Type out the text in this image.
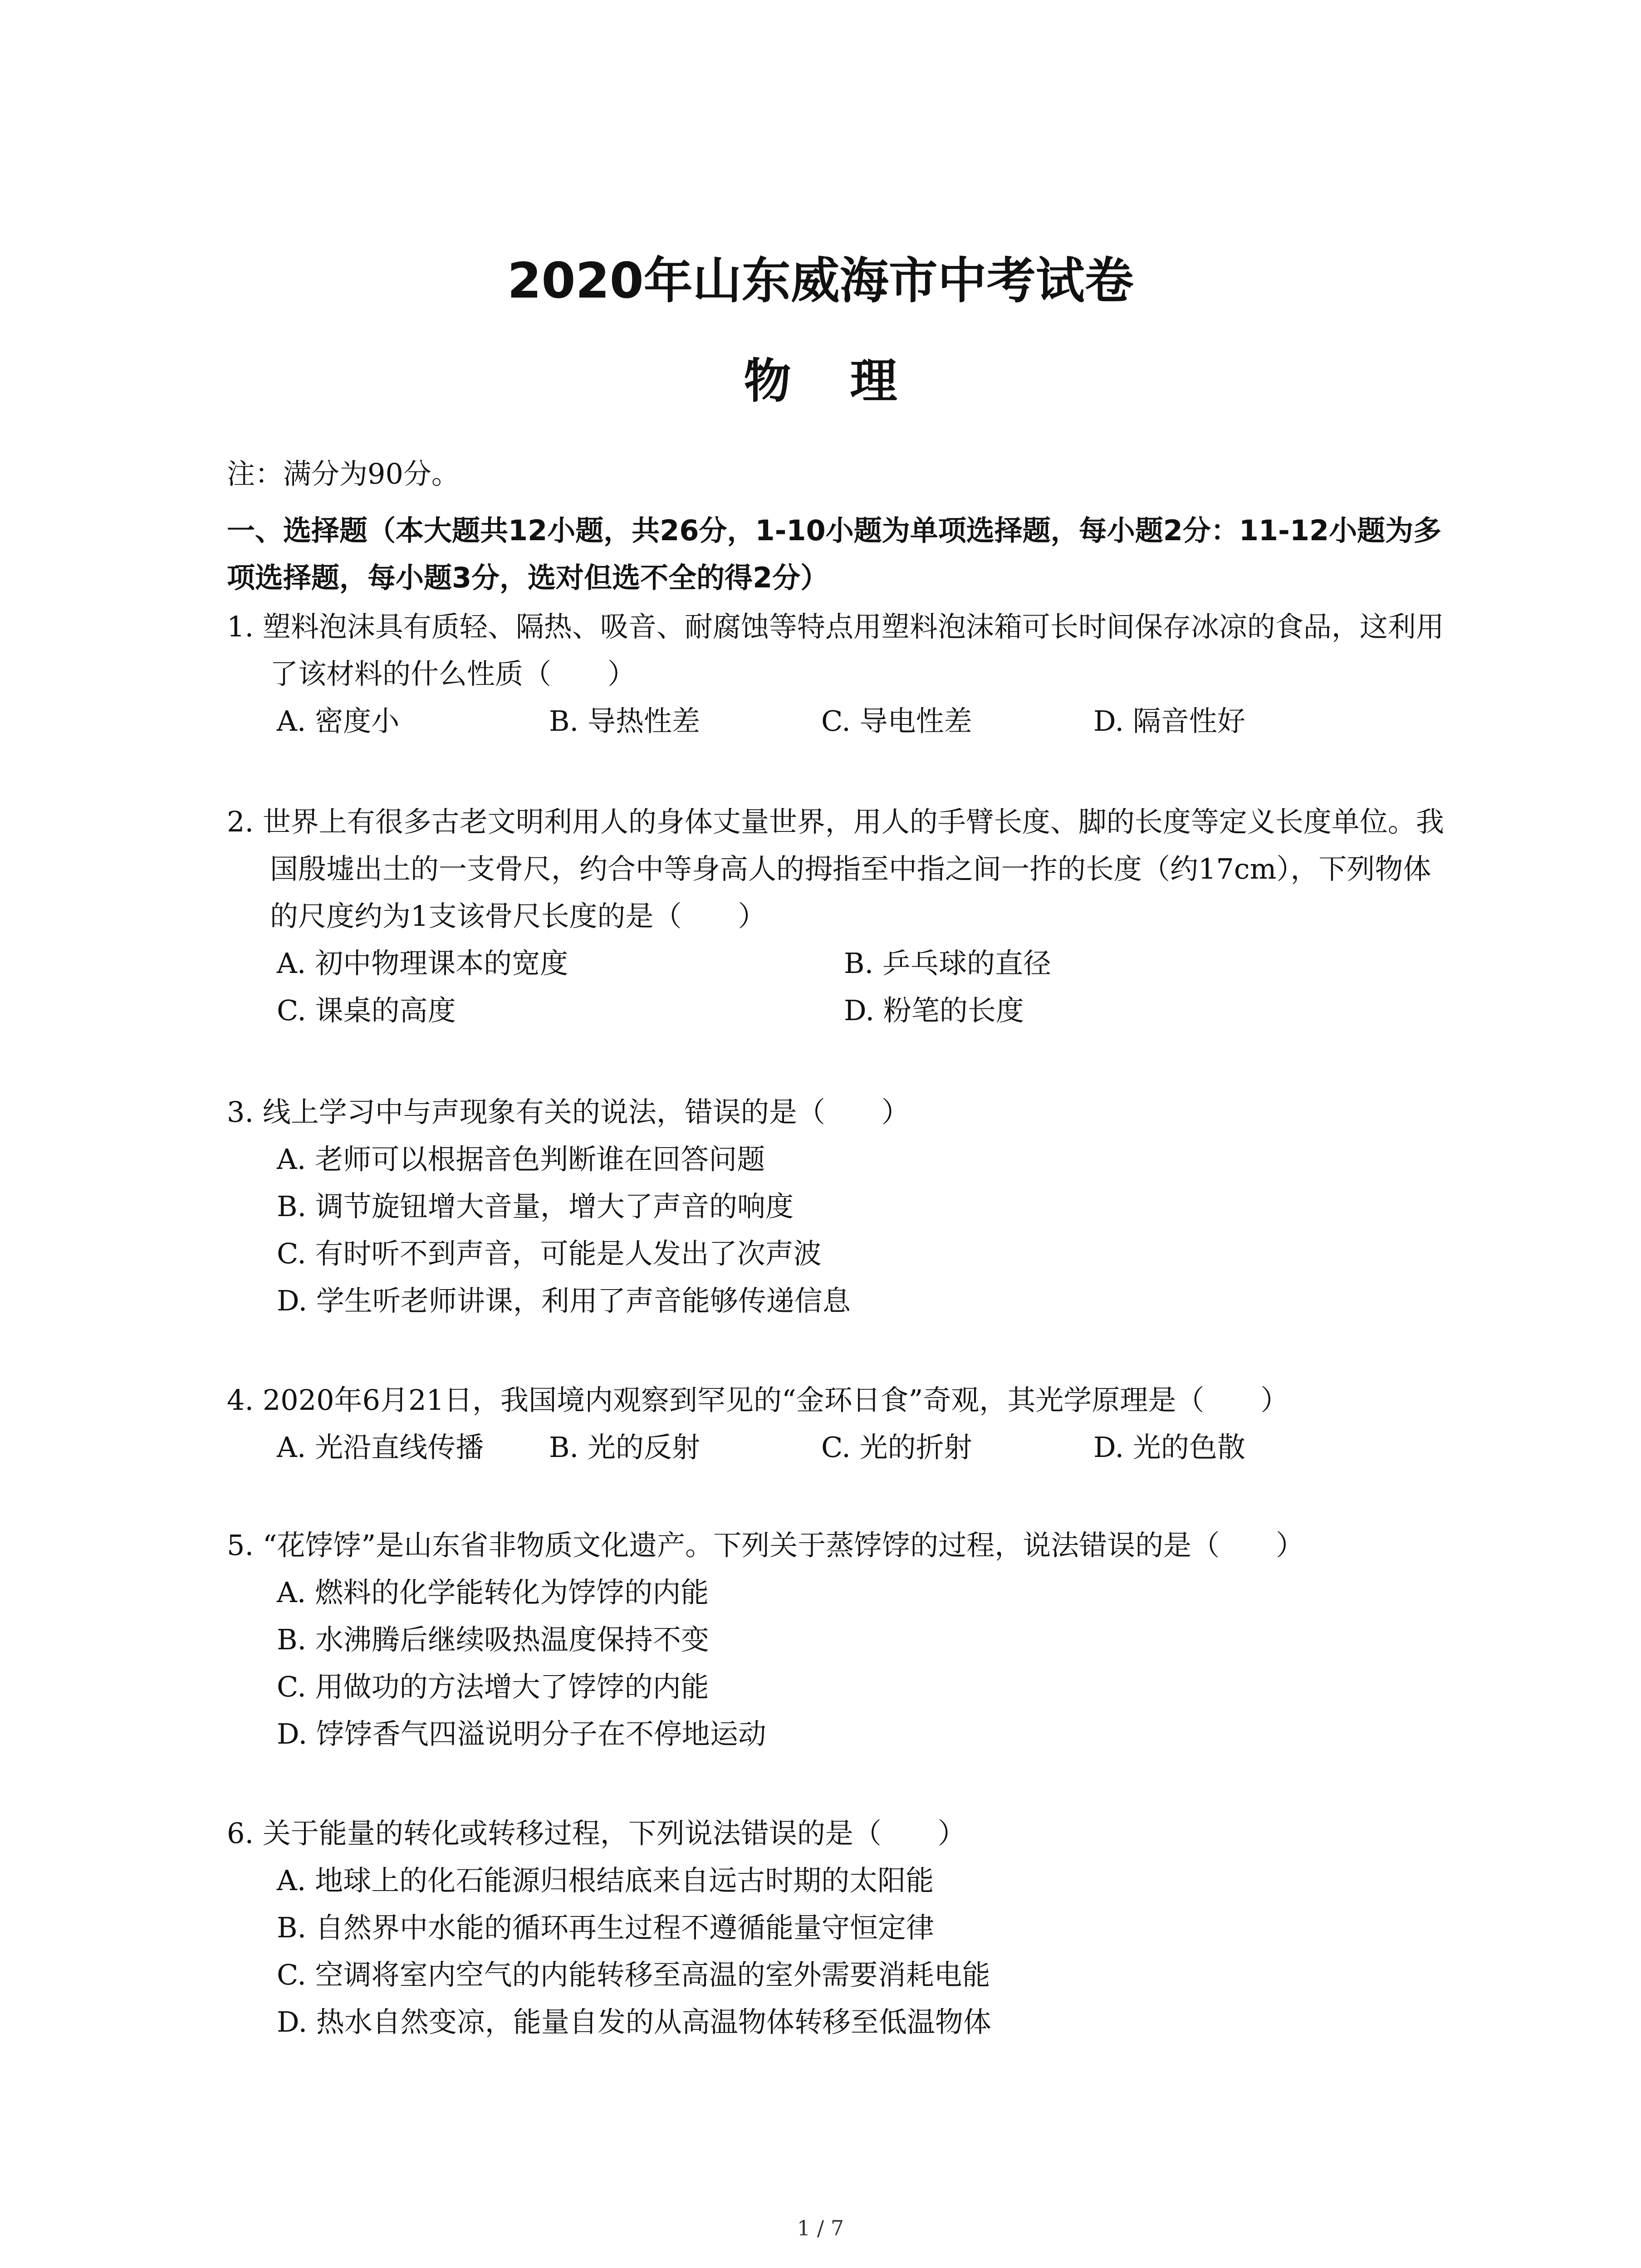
2020年山东威海市中考试卷
物理
注：满分为90分。
一、选择题（本大题共12小题，共26分，1-10小题为单项选择题，每小题2分：11-12小题为多项选择题，每小题3分，选对但选不全的得2分）
1. 塑料泡沫具有质轻、隔热、吸音、耐腐蚀等特点用塑料泡沫箱可长时间保存冰凉的食品，这利用了该材料的什么性质（　　）
A. 密度小	B. 导热性差	C. 导电性差	D. 隔音性好
2. 世界上有很多古老文明利用人的身体丈量世界，用人的手臂长度、脚的长度等定义长度单位。我国殷墟出土的一支骨尺，约合中等身高人的拇指至中指之间一拃的长度（约17cm），下列物体的尺度约为1支该骨尺长度的是（　　）
A. 初中物理课本的宽度	B. 乒乓球的直径
C. 课桌的高度	D. 粉笔的长度
3. 线上学习中与声现象有关的说法，错误的是（　　）
A. 老师可以根据音色判断谁在回答问题
B. 调节旋钮增大音量，增大了声音的响度
C. 有时听不到声音，可能是人发出了次声波
D. 学生听老师讲课，利用了声音能够传递信息
4. 2020年6月21日，我国境内观察到罕见的“金环日食”奇观，其光学原理是（　　）
A. 光沿直线传播	B. 光的反射	C. 光的折射	D. 光的色散
5. “花饽饽”是山东省非物质文化遗产。下列关于蒸饽饽的过程，说法错误的是（　　）
A. 燃料的化学能转化为饽饽的内能
B. 水沸腾后继续吸热温度保持不变
C. 用做功的方法增大了饽饽的内能
D. 饽饽香气四溢说明分子在不停地运动
6. 关于能量的转化或转移过程，下列说法错误的是（　　）
A. 地球上的化石能源归根结底来自远古时期的太阳能
B. 自然界中水能的循环再生过程不遵循能量守恒定律
C. 空调将室内空气的内能转移至高温的室外需要消耗电能
D. 热水自然变凉，能量自发的从高温物体转移至低温物体
1 / 7
